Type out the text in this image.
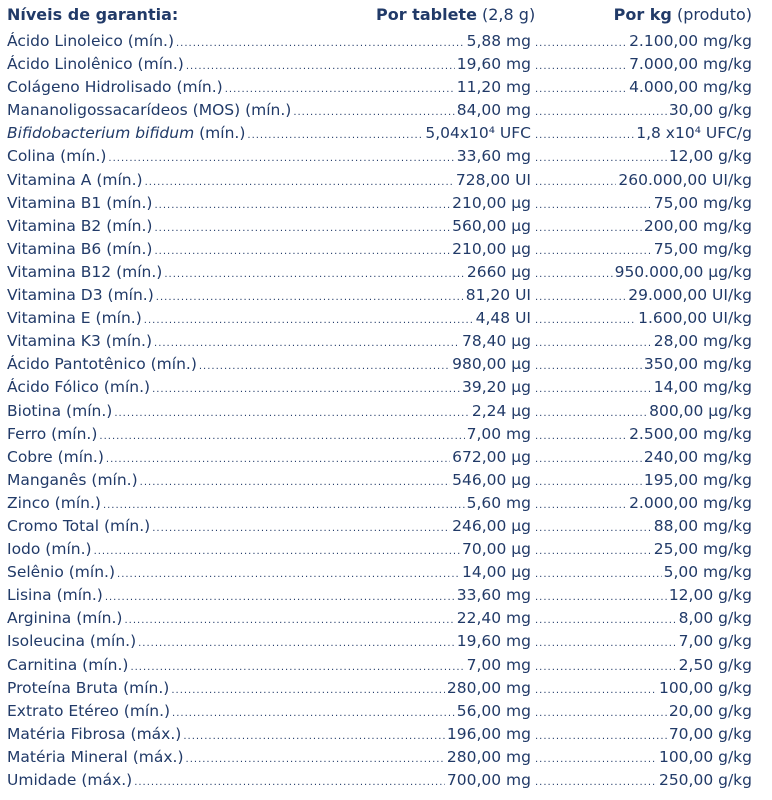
Níveis de garantia:	Por tablete (2,8 g)	Por kg (produto)
Ácido Linoleico (mín.) .....	5,88 mg .....	2.100,00 mg/kg
Ácido Linolênico (mín.) .....	19,60 mg .....	7.000,00 mg/kg
Colágeno Hidrolisado (mín.) .....	11,20 mg .....	4.000,00 mg/kg
Mananoligossacarídeos (MOS) (mín.) .....	84,00 mg .....	30,00 g/kg
Bifidobacterium bifidum (mín.) .....	5,04x10⁴ UFC .....	1,8 x10⁴ UFC/g
Colina (mín.) .....	33,60 mg .....	12,00 g/kg
Vitamina A (mín.) .....	728,00 UI .....	260.000,00 UI/kg
Vitamina B1 (mín.) .....	210,00 µg .....	75,00 mg/kg
Vitamina B2 (mín.) .....	560,00 µg .....	200,00 mg/kg
Vitamina B6 (mín.) .....	210,00 µg .....	75,00 mg/kg
Vitamina B12 (mín.) .....	2660 µg .....	950.000,00 µg/kg
Vitamina D3 (mín.) .....	81,20 UI .....	29.000,00 UI/kg
Vitamina E (mín.) .....	4,48 UI .....	1.600,00 UI/kg
Vitamina K3 (mín.) .....	78,40 µg .....	28,00 mg/kg
Ácido Pantotênico (mín.) .....	980,00 µg .....	350,00 mg/kg
Ácido Fólico (mín.) .....	39,20 µg .....	14,00 mg/kg
Biotina (mín.) .....	2,24 µg .....	800,00 µg/kg
Ferro (mín.) .....	7,00 mg .....	2.500,00 mg/kg
Cobre (mín.) .....	672,00 µg .....	240,00 mg/kg
Manganês (mín.) .....	546,00 µg .....	195,00 mg/kg
Zinco (mín.) .....	5,60 mg .....	2.000,00 mg/kg
Cromo Total (mín.) .....	246,00 µg .....	88,00 mg/kg
Iodo (mín.) .....	70,00 µg .....	25,00 mg/kg
Selênio (mín.) .....	14,00 µg .....	5,00 mg/kg
Lisina (mín.) .....	33,60 mg .....	12,00 g/kg
Arginina (mín.) .....	22,40 mg .....	8,00 g/kg
Isoleucina (mín.) .....	19,60 mg .....	7,00 g/kg
Carnitina (mín.) .....	7,00 mg .....	2,50 g/kg
Proteína Bruta (mín.) .....	280,00 mg .....	100,00 g/kg
Extrato Etéreo (mín.) .....	56,00 mg .....	20,00 g/kg
Matéria Fibrosa (máx.) .....	196,00 mg .....	70,00 g/kg
Matéria Mineral (máx.) .....	280,00 mg .....	100,00 g/kg
Umidade (máx.) .....	700,00 mg .....	250,00 g/kg
